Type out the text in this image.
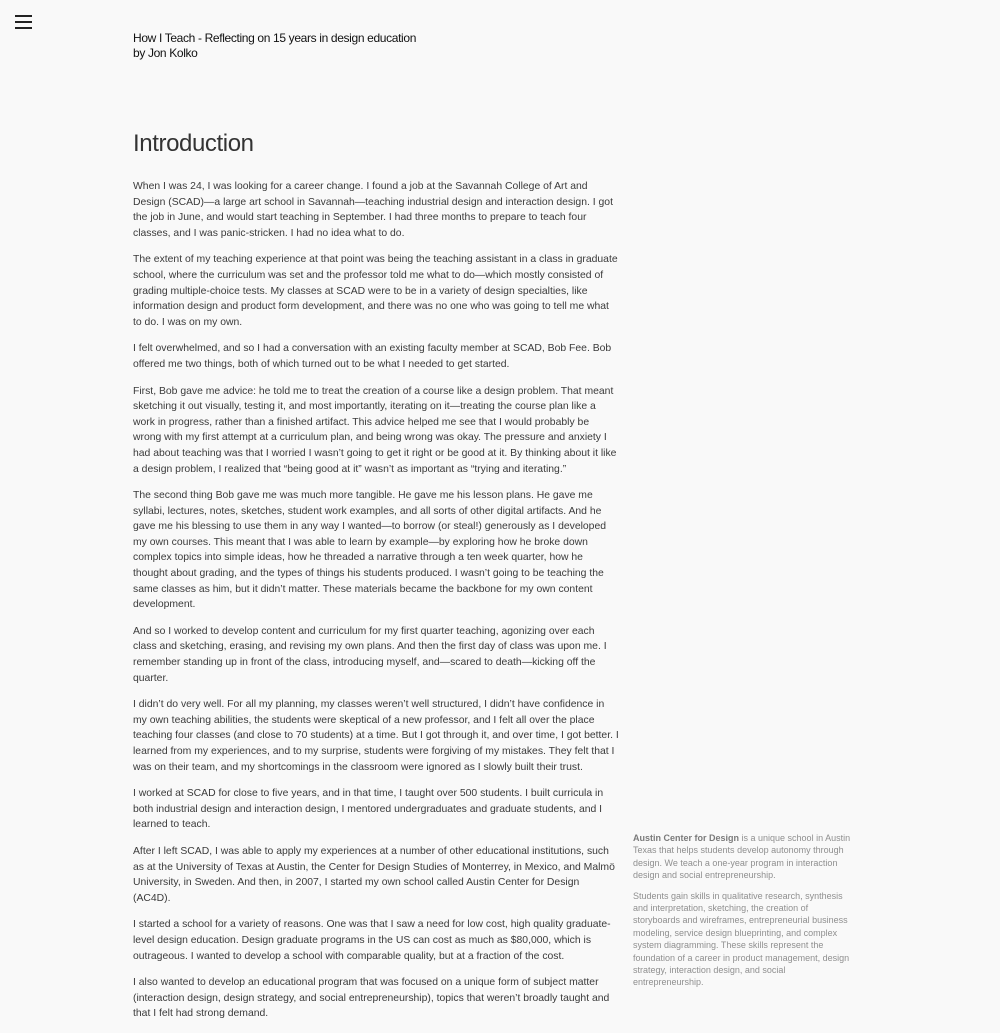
How I Teach - Reflecting on 15 years in design education
by Jon Kolko
Introduction

When I was 24, I was looking for a career change. I found a job at the Savannah College of Art and Design (SCAD)—a large art school in Savannah—teaching industrial design and interaction design. I got the job in June, and would start teaching in September. I had three months to prepare to teach four classes, and I was panic-stricken. I had no idea what to do.

The extent of my teaching experience at that point was being the teaching assistant in a class in graduate school, where the curriculum was set and the professor told me what to do—which mostly consisted of grading multiple-choice tests. My classes at SCAD were to be in a variety of design specialties, like information design and product form development, and there was no one who was going to tell me what to do. I was on my own.

I felt overwhelmed, and so I had a conversation with an existing faculty member at SCAD, Bob Fee. Bob offered me two things, both of which turned out to be what I needed to get started.

First, Bob gave me advice: he told me to treat the creation of a course like a design problem. That meant sketching it out visually, testing it, and most importantly, iterating on it—treating the course plan like a work in progress, rather than a finished artifact. This advice helped me see that I would probably be wrong with my first attempt at a curriculum plan, and being wrong was okay. The pressure and anxiety I had about teaching was that I worried I wasn’t going to get it right or be good at it. By thinking about it like a design problem, I realized that “being good at it” wasn’t as important as “trying and iterating.”

The second thing Bob gave me was much more tangible. He gave me his lesson plans. He gave me syllabi, lectures, notes, sketches, student work examples, and all sorts of other digital artifacts. And he gave me his blessing to use them in any way I wanted—to borrow (or steal!) generously as I developed my own courses. This meant that I was able to learn by example—by exploring how he broke down complex topics into simple ideas, how he threaded a narrative through a ten week quarter, how he thought about grading, and the types of things his students produced. I wasn’t going to be teaching the same classes as him, but it didn’t matter. These materials became the backbone for my own content development.

And so I worked to develop content and curriculum for my first quarter teaching, agonizing over each class and sketching, erasing, and revising my own plans. And then the first day of class was upon me. I remember standing up in front of the class, introducing myself, and—scared to death—kicking off the quarter.

I didn’t do very well. For all my planning, my classes weren’t well structured, I didn’t have confidence in my own teaching abilities, the students were skeptical of a new professor, and I felt all over the place teaching four classes (and close to 70 students) at a time. But I got through it, and over time, I got better. I learned from my experiences, and to my surprise, students were forgiving of my mistakes. They felt that I was on their team, and my shortcomings in the classroom were ignored as I slowly built their trust.

I worked at SCAD for close to five years, and in that time, I taught over 500 students. I built curricula in both industrial design and interaction design, I mentored undergraduates and graduate students, and I learned to teach.

After I left SCAD, I was able to apply my experiences at a number of other educational institutions, such as at the University of Texas at Austin, the Center for Design Studies of Monterrey, in Mexico, and Malmö University, in Sweden. And then, in 2007, I started my own school called Austin Center for Design (AC4D).

I started a school for a variety of reasons. One was that I saw a need for low cost, high quality graduate-level design education. Design graduate programs in the US can cost as much as $80,000, which is outrageous. I wanted to develop a school with comparable quality, but at a fraction of the cost.

I also wanted to develop an educational program that was focused on a unique form of subject matter (interaction design, design strategy, and social entrepreneurship), topics that weren’t broadly taught and that I felt had strong demand.

Austin Center for Design is a unique school in Austin Texas that helps students develop autonomy through design. We teach a one-year program in interaction design and social entrepreneurship.

Students gain skills in qualitative research, synthesis and interpretation, sketching, the creation of storyboards and wireframes, entrepreneurial business modeling, service design blueprinting, and complex system diagramming. These skills represent the foundation of a career in product management, design strategy, interaction design, and social entrepreneurship.
